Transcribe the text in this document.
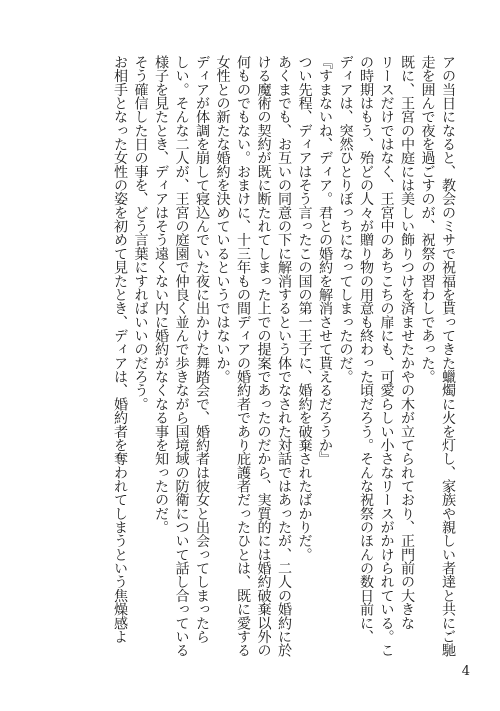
アの当日になると、教会のミサで祝福を貰ってきた蠟燭に火を灯し、家族や親しい者達と共にご馳

走を囲んで夜を過ごすのが、祝祭の習わしであった。

既に、王宮の中庭には美しい飾りつけを済ませたかやの木が立てられており、正門前の大きな

リースだけではなく、王宮中のあちこちの扉にも、可愛らしい小さなリースがかけられている。こ

の時期はもう、殆どの人々が贈り物の用意も終わった頃だろう。そんな祝祭のほんの数日前に、

ディアは、突然ひとりぼっちになってしまったのだ。

『すまないね、ディア。君との婚約を解消させて貰えるだろうか』

つい先程、ディアはそう言ったこの国の第一王子に、婚約を破棄されたばかりだ。

あくまでも、お互いの同意の下に解消するという体でなされた対話ではあったが、二人の婚約に於

ける魔術の契約が既に断たれてしまった上での提案であったのだから、実質的には婚約破棄以外の

何ものでもない。おまけに、十三年もの間ディアの婚約者であり庇護者だったひとは、既に愛する

女性との新たな婚約を決めているというではないか。

ディアが体調を崩して寝込んでいた夜に出かけた舞踏会で、婚約者は彼女と出会ってしまったら

しい。そんな二人が、王宮の庭園で仲良く並んで歩きながら国境域の防衛について話し合っている

様子を見たとき、ディアはそう遠くない内に婚約がなくなる事を知ったのだ。

そう確信した日の事を、どう言葉にすればいいのだろう。

お相手となった女性の姿を初めて見たとき、ディアは、婚約者を奪われてしまうという焦燥感よ

4
